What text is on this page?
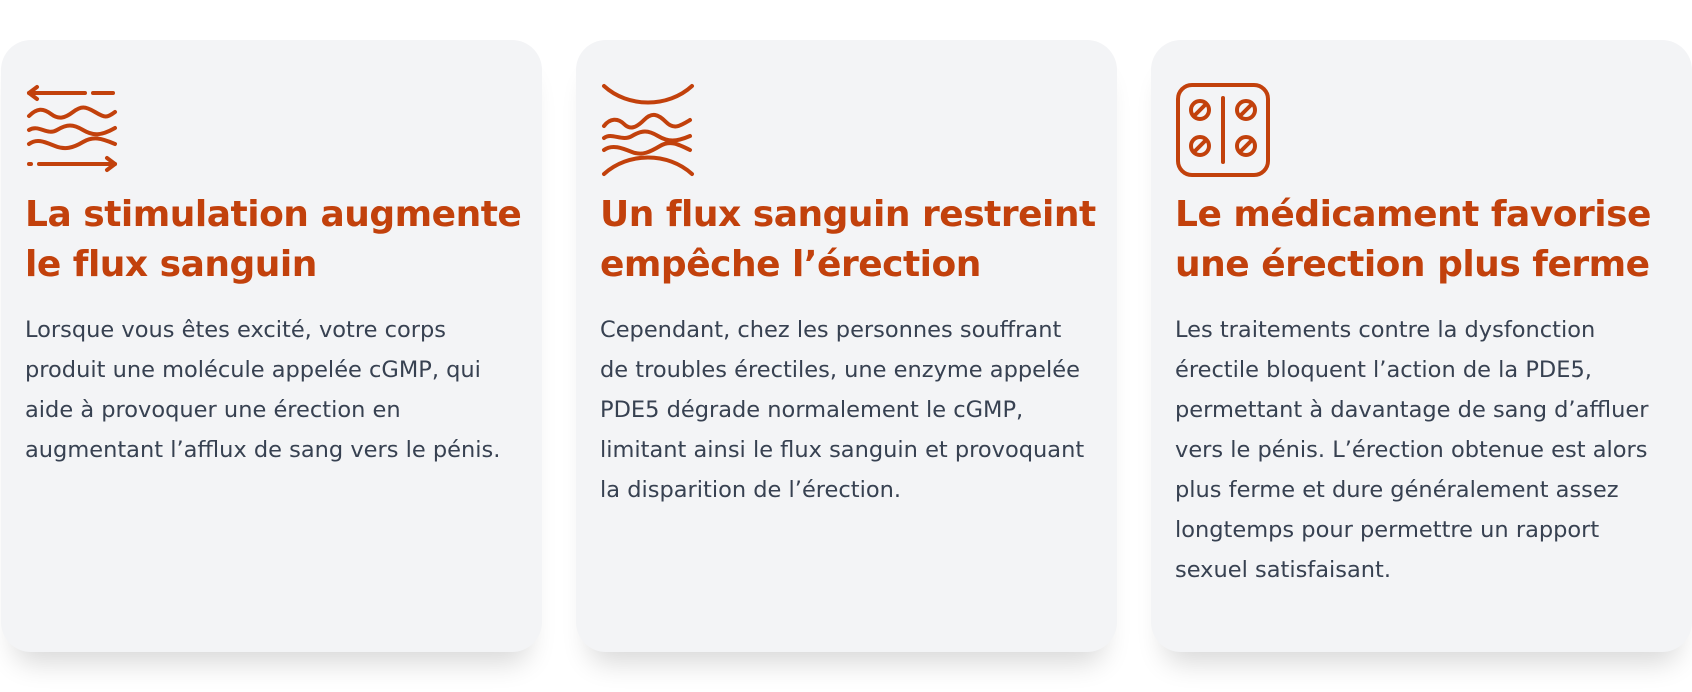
La stimulation augmente le flux sanguin

Lorsque vous êtes excité, votre corps produit une molécule appelée cGMP, qui aide à provoquer une érection en augmentant l’afflux de sang vers le pénis.

Un flux sanguin restreint empêche l’érection

Cependant, chez les personnes souffrant de troubles érectiles, une enzyme appelée PDE5 dégrade normalement le cGMP, limitant ainsi le flux sanguin et provoquant la disparition de l’érection.

Le médicament favorise une érection plus ferme

Les traitements contre la dysfonction érectile bloquent l’action de la PDE5, permettant à davantage de sang d’affluer vers le pénis. L’érection obtenue est alors plus ferme et dure généralement assez longtemps pour permettre un rapport sexuel satisfaisant.
